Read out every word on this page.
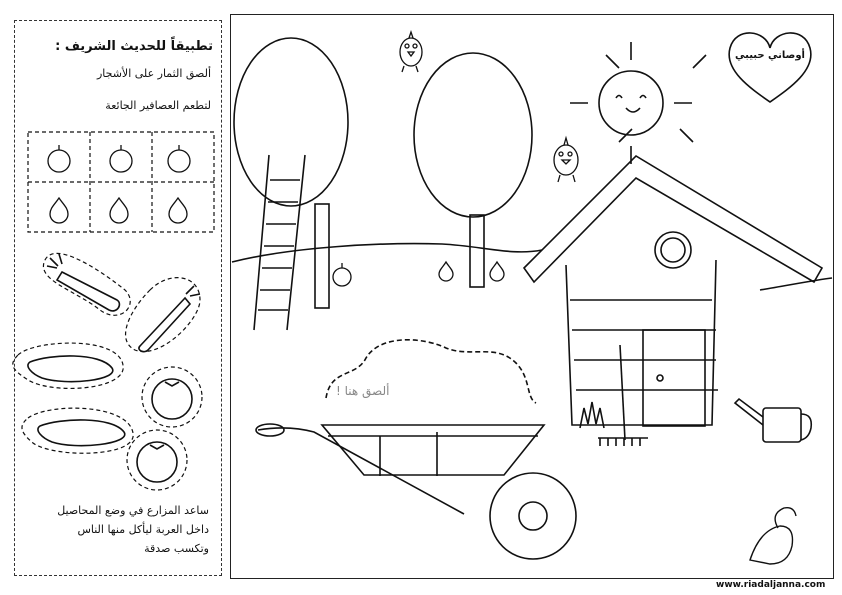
تطبيقاً للحديث الشريف :
ألصق الثمار على الأشجار
لتطعم العصافير الجائعة
ساعد المزارع في وضع المحاصيل
داخل العربة ليأكل منها الناس
وتكسب صدقة
أوصاني حبيبي
ألصق هنا !
www.riadaljanna.com
